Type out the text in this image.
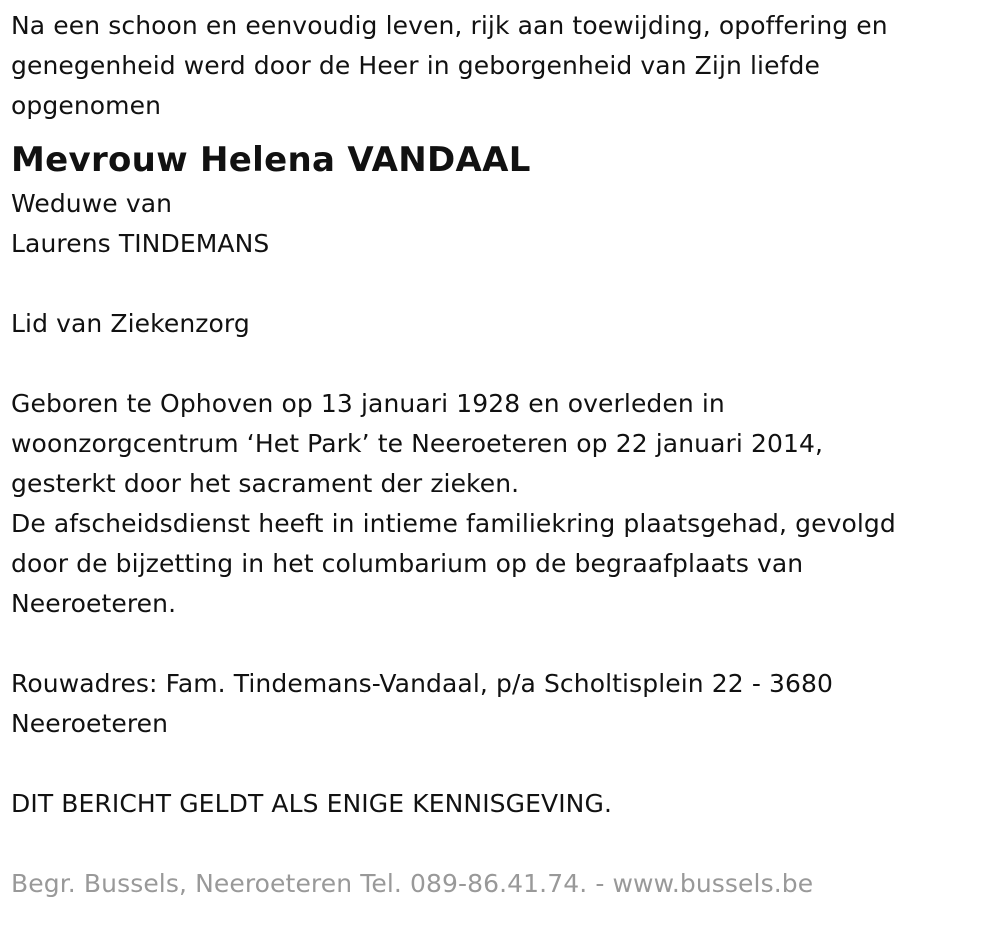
Na een schoon en eenvoudig leven, rijk aan toewijding, opoffering en
genegenheid werd door de Heer in geborgenheid van Zijn liefde
opgenomen
Mevrouw Helena VANDAAL
Weduwe van
Laurens TINDEMANS
Lid van Ziekenzorg
Geboren te Ophoven op 13 januari 1928 en overleden in
woonzorgcentrum ‘Het Park’ te Neeroeteren op 22 januari 2014,
gesterkt door het sacrament der zieken.
De afscheidsdienst heeft in intieme familiekring plaatsgehad, gevolgd
door de bijzetting in het columbarium op de begraafplaats van
Neeroeteren.
Rouwadres: Fam. Tindemans-Vandaal, p/a Scholtisplein 22 - 3680
Neeroeteren
DIT BERICHT GELDT ALS ENIGE KENNISGEVING.
Begr. Bussels, Neeroeteren Tel. 089-86.41.74. - www.bussels.be
